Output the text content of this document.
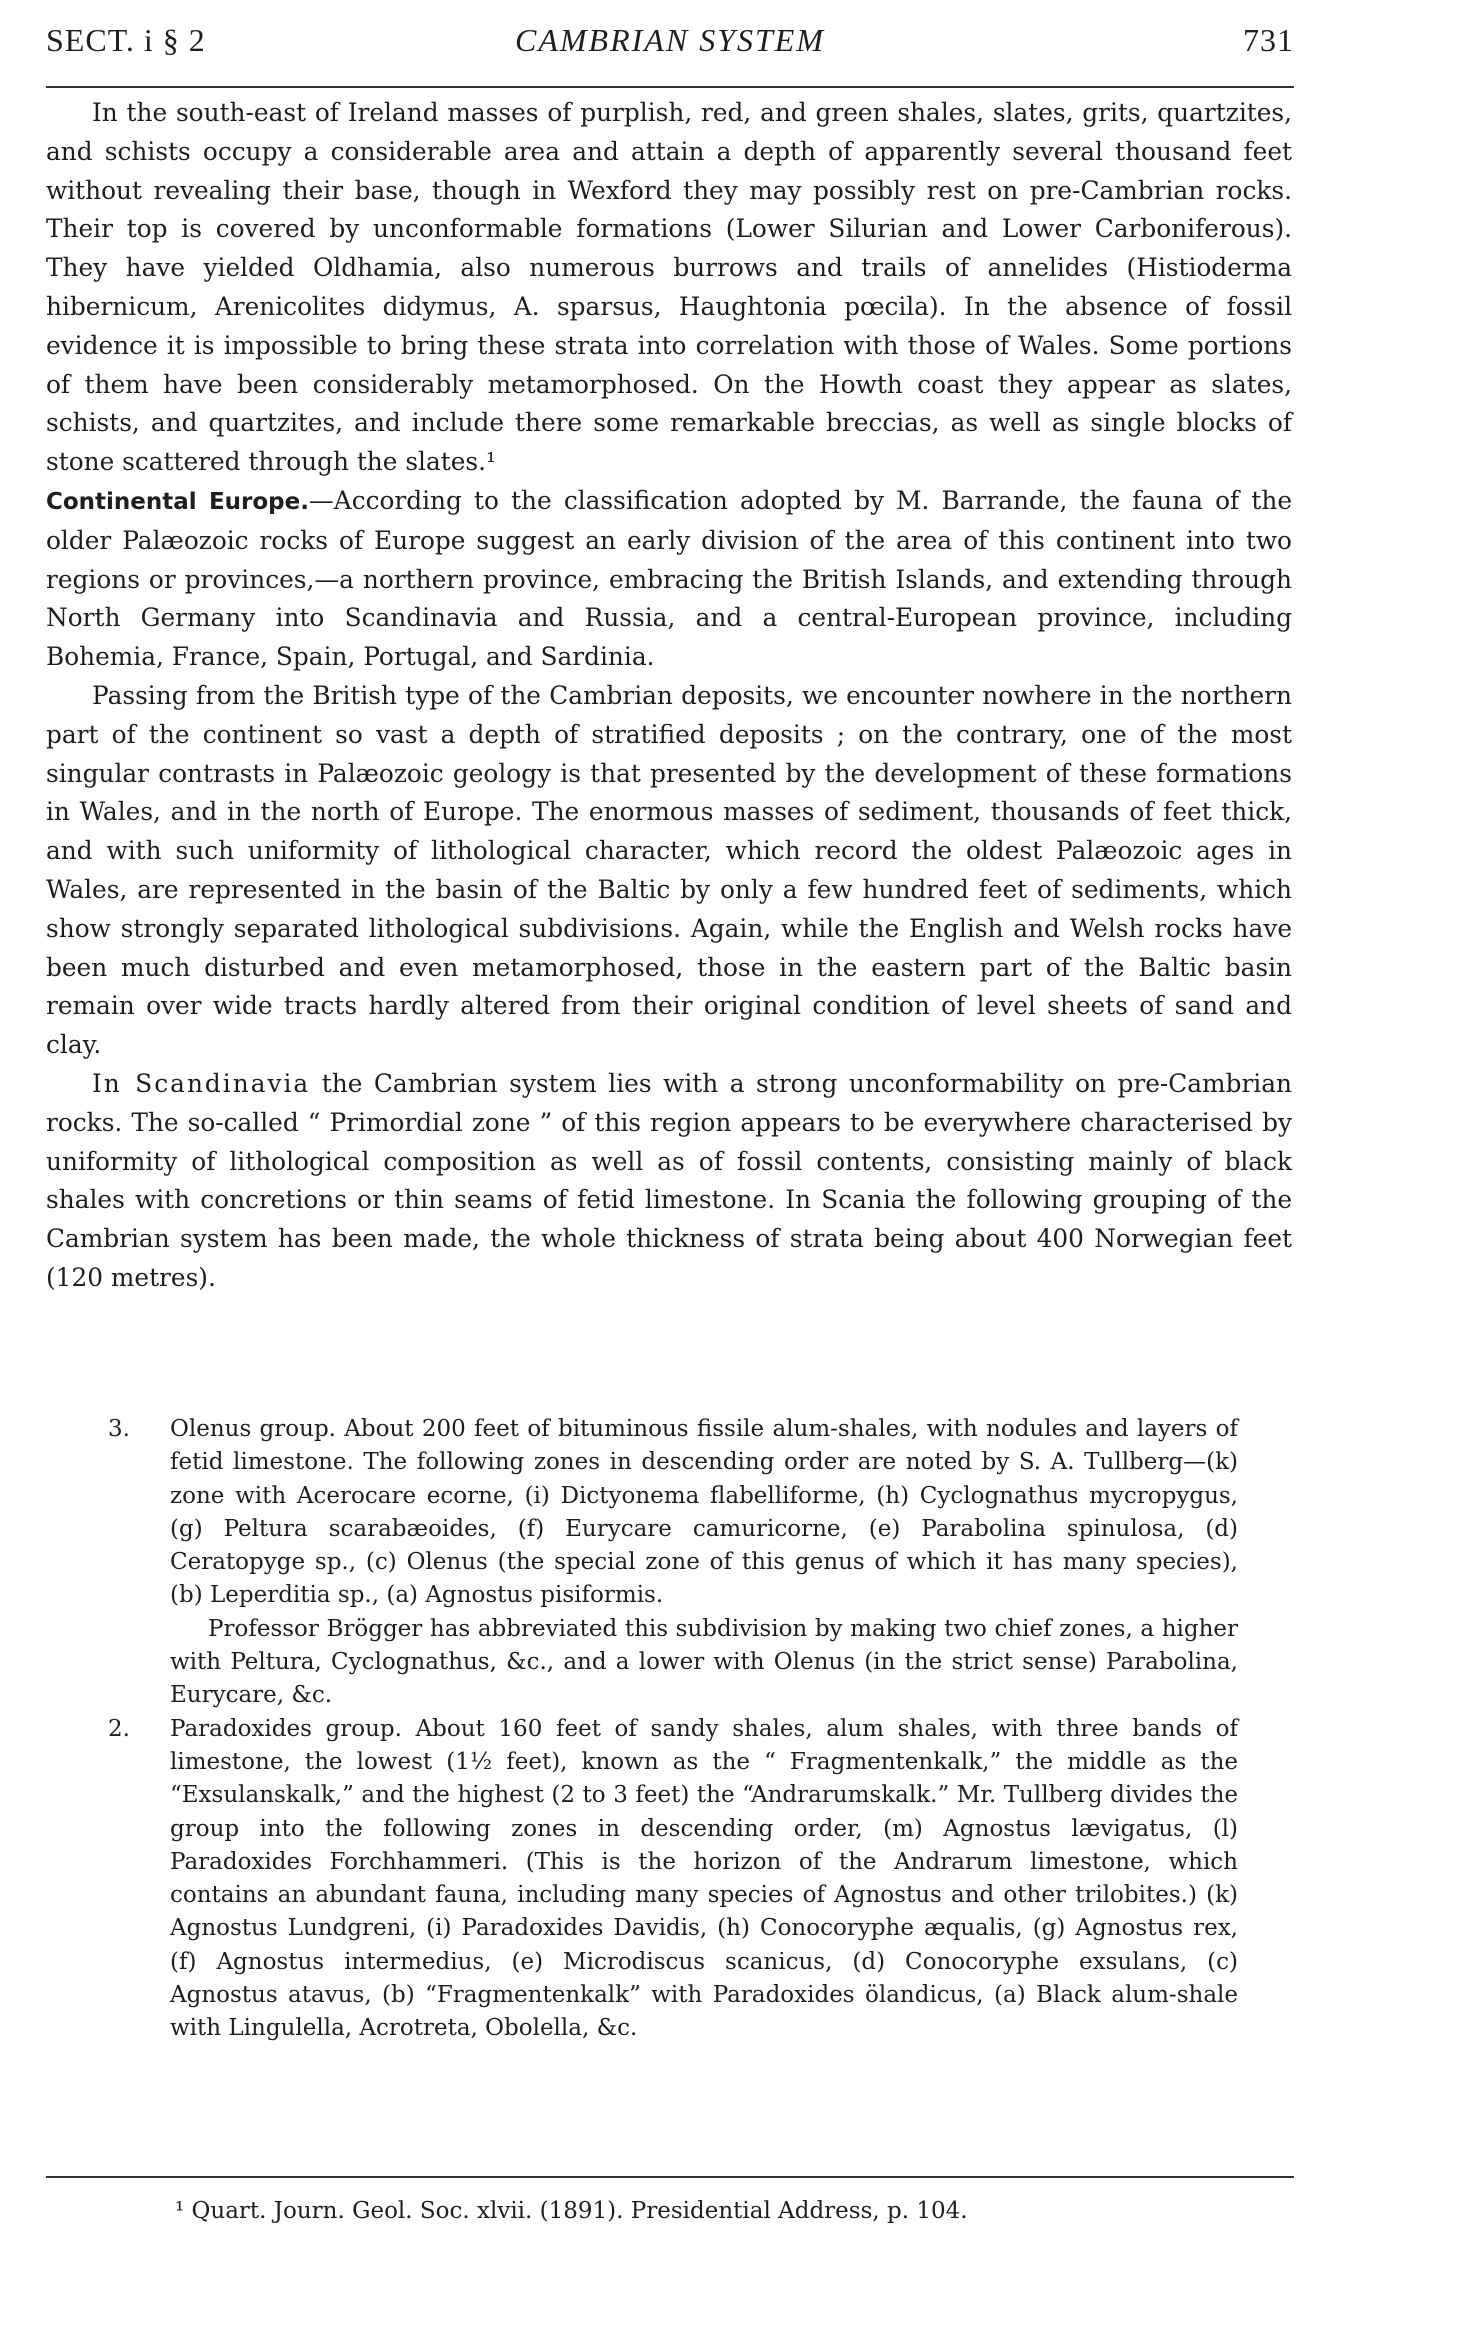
SECT. i § 2	CAMBRIAN SYSTEM	731

In the south-east of Ireland masses of purplish, red, and green shales, slates, grits, quartzites, and schists occupy a considerable area and attain a depth of apparently several thousand feet without revealing their base, though in Wexford they may possibly rest on pre-Cambrian rocks. Their top is covered by unconformable formations (Lower Silurian and Lower Carboniferous). They have yielded Oldhamia, also numerous burrows and trails of annelides (Histioderma hibernicum, Arenicolites didymus, A. sparsus, Haughtonia pœcila). In the absence of fossil evidence it is impossible to bring these strata into correlation with those of Wales. Some portions of them have been considerably metamorphosed. On the Howth coast they appear as slates, schists, and quartzites, and include there some remarkable breccias, as well as single blocks of stone scattered through the slates.¹

Continental Europe.—According to the classification adopted by M. Barrande, the fauna of the older Palæozoic rocks of Europe suggest an early division of the area of this continent into two regions or provinces,—a northern province, embracing the British Islands, and extending through North Germany into Scandinavia and Russia, and a central-European province, including Bohemia, France, Spain, Portugal, and Sardinia.

Passing from the British type of the Cambrian deposits, we encounter nowhere in the northern part of the continent so vast a depth of stratified deposits ; on the contrary, one of the most singular contrasts in Palæozoic geology is that presented by the development of these formations in Wales, and in the north of Europe. The enormous masses of sediment, thousands of feet thick, and with such uniformity of lithological character, which record the oldest Palæozoic ages in Wales, are represented in the basin of the Baltic by only a few hundred feet of sediments, which show strongly separated lithological subdivisions. Again, while the English and Welsh rocks have been much disturbed and even metamorphosed, those in the eastern part of the Baltic basin remain over wide tracts hardly altered from their original condition of level sheets of sand and clay.

In Scandinavia the Cambrian system lies with a strong unconformability on pre-Cambrian rocks. The so-called “ Primordial zone ” of this region appears to be everywhere characterised by uniformity of lithological composition as well as of fossil contents, consisting mainly of black shales with concretions or thin seams of fetid limestone. In Scania the following grouping of the Cambrian system has been made, the whole thickness of strata being about 400 Norwegian feet (120 metres).

3. Olenus group. About 200 feet of bituminous fissile alum-shales, with nodules and layers of fetid limestone. The following zones in descending order are noted by S. A. Tullberg—(k) zone with Acerocare ecorne, (i) Dictyonema flabelliforme, (h) Cyclognathus mycropygus, (g) Peltura scarabæoides, (f) Eurycare camuricorne, (e) Parabolina spinulosa, (d) Ceratopyge sp., (c) Olenus (the special zone of this genus of which it has many species), (b) Leperditia sp., (a) Agnostus pisiformis.

Professor Brögger has abbreviated this subdivision by making two chief zones, a higher with Peltura, Cyclognathus, &c., and a lower with Olenus (in the strict sense) Parabolina, Eurycare, &c.

2. Paradoxides group. About 160 feet of sandy shales, alum shales, with three bands of limestone, the lowest (1½ feet), known as the “ Fragmentenkalk,” the middle as the “Exsulanskalk,” and the highest (2 to 3 feet) the “Andrarumskalk.” Mr. Tullberg divides the group into the following zones in descending order, (m) Agnostus lævigatus, (l) Paradoxides Forchhammeri. (This is the horizon of the Andrarum limestone, which contains an abundant fauna, including many species of Agnostus and other trilobites.) (k) Agnostus Lundgreni, (i) Paradoxides Davidis, (h) Conocoryphe æqualis, (g) Agnostus rex, (f) Agnostus intermedius, (e) Microdiscus scanicus, (d) Conocoryphe exsulans, (c) Agnostus atavus, (b) “Fragmentenkalk” with Paradoxides ölandicus, (a) Black alum-shale with Lingulella, Acrotreta, Obolella, &c.

¹ Quart. Journ. Geol. Soc. xlvii. (1891). Presidential Address, p. 104.
